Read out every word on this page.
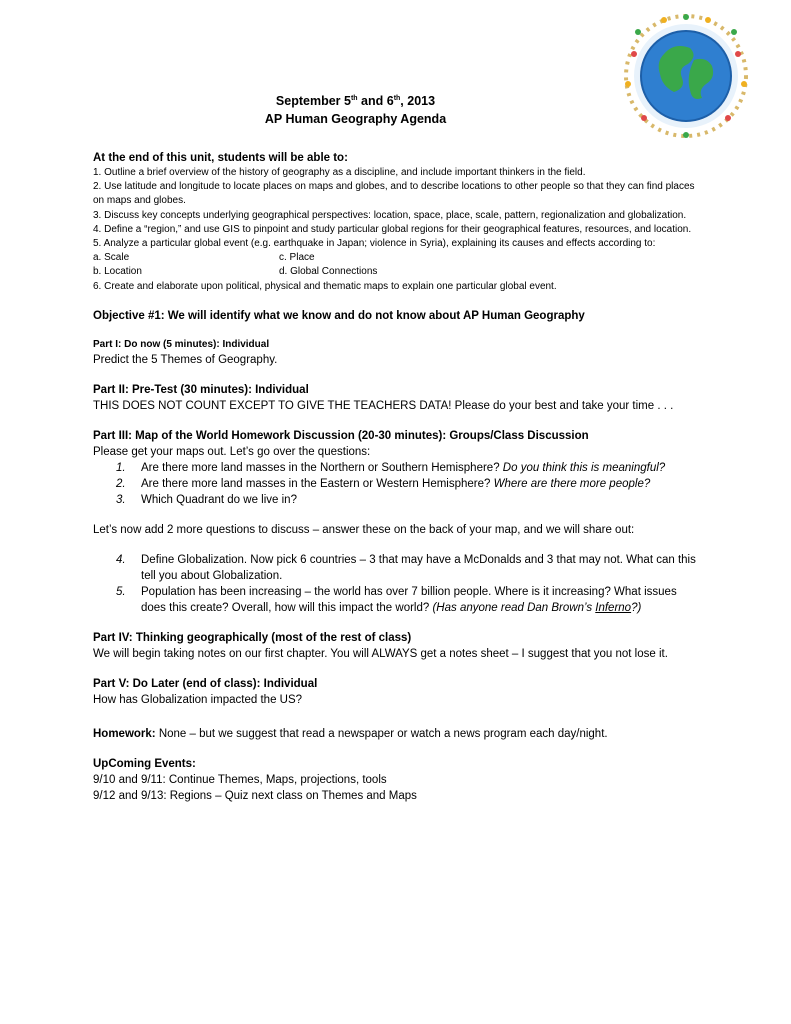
September 5th and 6th, 2013
AP Human Geography Agenda
At the end of this unit, students will be able to:
1. Outline a brief overview of the history of geography as a discipline, and include important thinkers in the field.
2. Use latitude and longitude to locate places on maps and globes, and to describe locations to other people so that they can find places on maps and globes.
3. Discuss key concepts underlying geographical perspectives: location, space, place, scale, pattern, regionalization and globalization.
4. Define a “region,” and use GIS to pinpoint and study particular global regions for their geographical features, resources, and location.
5. Analyze a particular global event (e.g. earthquake in Japan; violence in Syria), explaining its causes and effects according to:
a. Scale	c. Place
b. Location	d. Global Connections
6. Create and elaborate upon political, physical and thematic maps to explain one particular global event.
Objective #1: We will identify what we know and do not know about AP Human Geography
Part I: Do now (5 minutes): Individual
Predict the 5 Themes of Geography.
Part II: Pre-Test (30 minutes): Individual
THIS DOES NOT COUNT EXCEPT TO GIVE THE TEACHERS DATA! Please do your best and take your time . . .
Part III: Map of the World Homework Discussion (20-30 minutes): Groups/Class Discussion
Please get your maps out. Let’s go over the questions:
1. Are there more land masses in the Northern or Southern Hemisphere? Do you think this is meaningful?
2. Are there more land masses in the Eastern or Western Hemisphere? Where are there more people?
3. Which Quadrant do we live in?
Let’s now add 2 more questions to discuss – answer these on the back of your map, and we will share out:
4. Define Globalization. Now pick 6 countries – 3 that may have a McDonalds and 3 that may not. What can this tell you about Globalization.
5. Population has been increasing – the world has over 7 billion people. Where is it increasing? What issues does this create? Overall, how will this impact the world? (Has anyone read Dan Brown’s Inferno?)
Part IV: Thinking geographically (most of the rest of class)
We will begin taking notes on our first chapter. You will ALWAYS get a notes sheet – I suggest that you not lose it.
Part V: Do Later (end of class): Individual
How has Globalization impacted the US?
Homework: None – but we suggest that read a newspaper or watch a news program each day/night.
UpComing Events:
9/10 and 9/11: Continue Themes, Maps, projections, tools
9/12 and 9/13: Regions – Quiz next class on Themes and Maps
